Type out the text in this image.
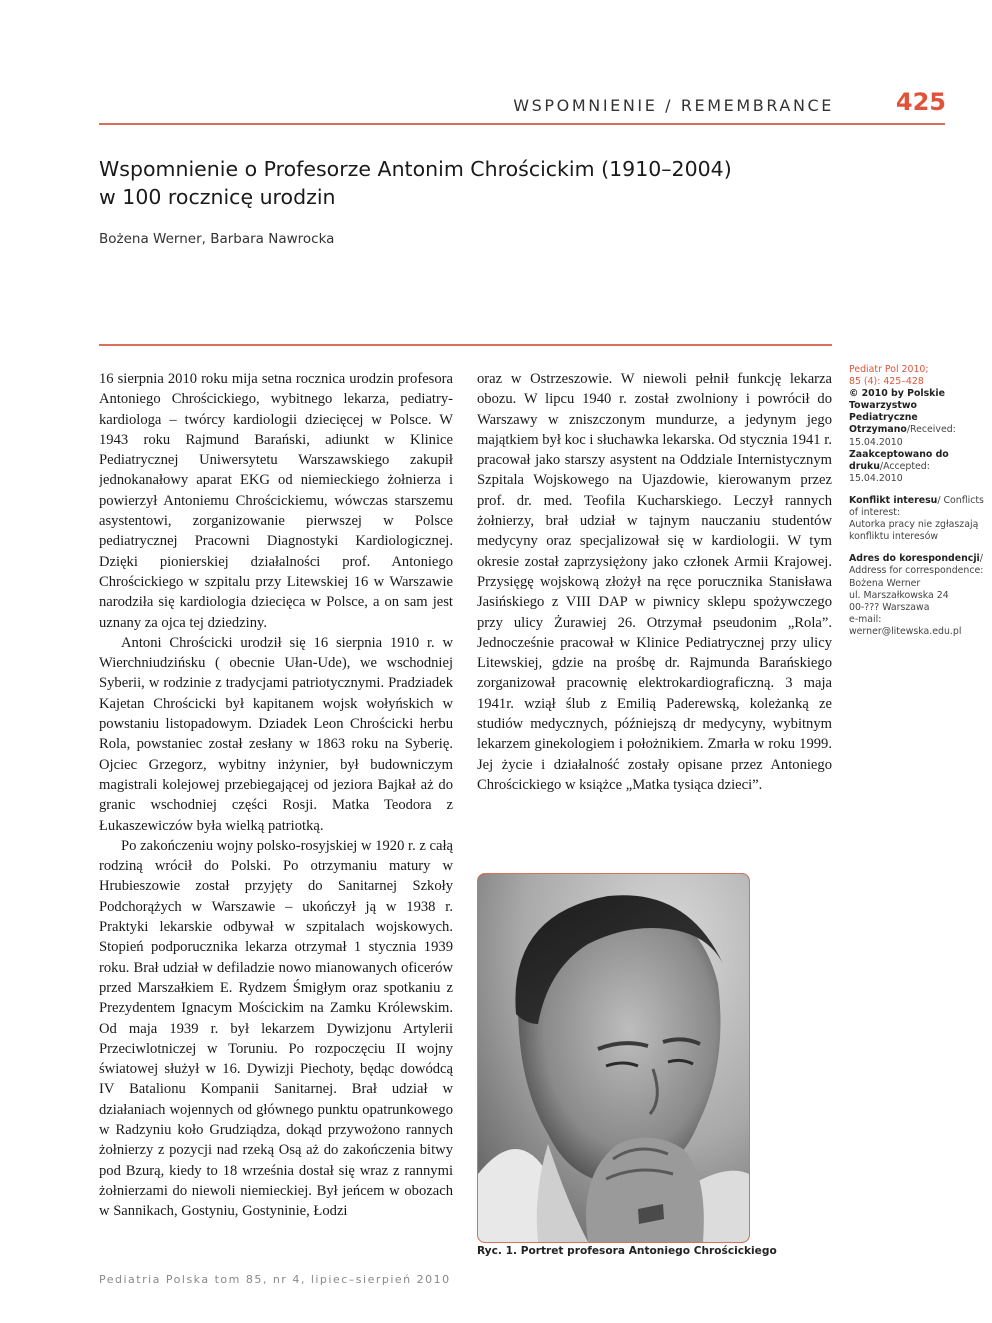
WSPOMNIENIE / REMEMBRANCE	425
Wspomnienie o Profesorze Antonim Chrościckim (1910–2004)
w 100 rocznicę urodzin
Bożena Werner, Barbara Nawrocka

16 sierpnia 2010 roku mija setna rocznica urodzin profesora Antoniego Chrościckiego, wybitnego lekarza, pediatry-kardiologa – twórcy kardiologii dziecięcej w Polsce. W 1943 roku Rajmund Barański, adiunkt w Klinice Pediatrycznej Uniwersytetu Warszawskiego zakupił jednokanałowy aparat EKG od niemieckiego żołnierza i powierzył Antoniemu Chrościckiemu, wówczas starszemu asystentowi, zorganizowanie pierwszej w Polsce pediatrycznej Pracowni Diagnostyki Kardiologicznej. Dzięki pionierskiej działalności prof. Antoniego Chrościckiego w szpitalu przy Litewskiej 16 w Warszawie narodziła się kardiologia dziecięca w Polsce, a on sam jest uznany za ojca tej dziedziny.

Antoni Chrościcki urodził się 16 sierpnia 1910 r. w Wierchniudzińsku ( obecnie Ułan-Ude), we wschodniej Syberii, w rodzinie z tradycjami patriotycznymi. Pradziadek Kajetan Chrościcki był kapitanem wojsk wołyńskich w powstaniu listopadowym. Dziadek Leon Chrościcki herbu Rola, powstaniec został zesłany w 1863 roku na Syberię. Ojciec Grzegorz, wybitny inżynier, był budowniczym magistrali kolejowej przebiegającej od jeziora Bajkał aż do granic wschodniej części Rosji. Matka Teodora z Łukaszewiczów była wielką patriotką.

Po zakończeniu wojny polsko-rosyjskiej w 1920 r. z całą rodziną wrócił do Polski. Po otrzymaniu matury w Hrubieszowie został przyjęty do Sanitarnej Szkoły Podchorążych w Warszawie – ukończył ją w 1938 r. Praktyki lekarskie odbywał w szpitalach wojskowych. Stopień podporucznika lekarza otrzymał 1 stycznia 1939 roku. Brał udział w defiladzie nowo mianowanych oficerów przed Marszałkiem E. Rydzem Śmigłym oraz spotkaniu z Prezydentem Ignacym Mościckim na Zamku Królewskim. Od maja 1939 r. był lekarzem Dywizjonu Artylerii Przeciwlotniczej w Toruniu. Po rozpoczęciu II wojny światowej służył w 16. Dywizji Piechoty, będąc dowódcą IV Batalionu Kompanii Sanitarnej. Brał udział w działaniach wojennych od głównego punktu opatrunkowego w Radzyniu koło Grudziądza, dokąd przywożono rannych żołnierzy z pozycji nad rzeką Osą aż do zakończenia bitwy pod Bzurą, kiedy to 18 września dostał się wraz z rannymi żołnierzami do niewoli niemieckiej. Był jeńcem w obozach w Sannikach, Gostyniu, Gostyninie, Łodzi

oraz w Ostrzeszowie. W niewoli pełnił funkcję lekarza obozu. W lipcu 1940 r. został zwolniony i powrócił do Warszawy w zniszczonym mundurze, a jedynym jego majątkiem był koc i słuchawka lekarska. Od stycznia 1941 r. pracował jako starszy asystent na Oddziale Internistycznym Szpitala Wojskowego na Ujazdowie, kierowanym przez prof. dr. med. Teofila Kucharskiego. Leczył rannych żołnierzy, brał udział w tajnym nauczaniu studentów medycyny oraz specjalizował się w kardiologii. W tym okresie został zaprzysiężony jako członek Armii Krajowej. Przysięgę wojskową złożył na ręce porucznika Stanisława Jasińskiego z VIII DAP w piwnicy sklepu spożywczego przy ulicy Żurawiej 26. Otrzymał pseudonim „Rola”. Jednocześnie pracował w Klinice Pediatrycznej przy ulicy Litewskiej, gdzie na prośbę dr. Rajmunda Barańskiego zorganizował pracownię elektrokardiograficzną. 3 maja 1941r. wziął ślub z Emilią Paderewską, koleżanką ze studiów medycznych, późniejszą dr medycyny, wybitnym lekarzem ginekologiem i położnikiem. Zmarła w roku 1999. Jej życie i działalność zostały opisane przez Antoniego Chrościckiego w książce „Matka tysiąca dzieci”.

Pediatr Pol 2010;
85 (4): 425–428
© 2010 by Polskie Towarzystwo Pediatryczne
Otrzymano/Received:
15.04.2010
Zaakceptowano do druku/Accepted:
15.04.2010
Konflikt interesu/ Conflicts of interest:
Autorka pracy nie zgłaszają konfliktu interesów
Adres do korespondencji/ Address for correspondence:
Bożena Werner
ul. Marszałkowska 24
00-??? Warszawa
e-mail: werner@litewska.edu.pl
Ryc. 1. Portret profesora Antoniego Chrościckiego
Pediatria Polska tom 85, nr 4, lipiec–sierpień 2010
